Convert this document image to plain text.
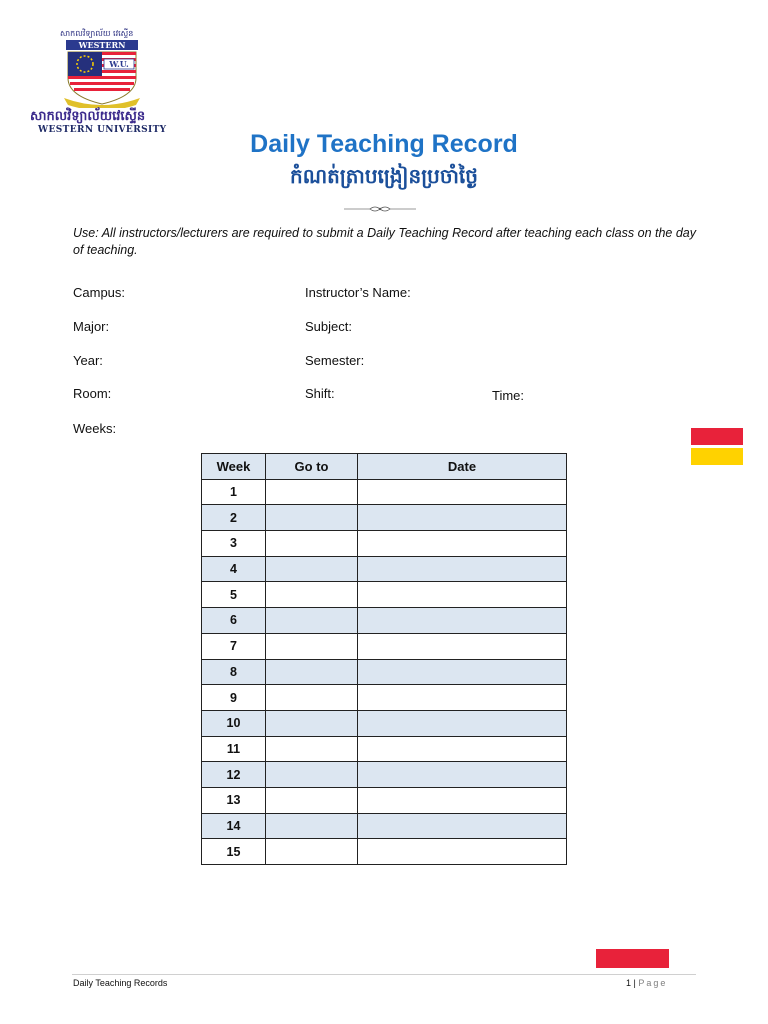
សាកលវិទ្យាល័យ វេស្ទើន
WESTERN
W.U.
សាកលវិទ្យាល័យវេស្ទើន
WESTERN UNIVERSITY	Daily Teaching Record
កំណត់ត្រាបង្រៀនប្រចាំថ្ងៃ
Use: All instructors/lecturers are required to submit a Daily Teaching Record after teaching each class on the day of teaching.
Campus:	Instructor’s Name:
Major:	Subject:
Year:	Semester:
Room:	Shift:	Time:
Weeks:
Week	Go to	Date
1		
2		
3		
4		
5		
6		
7		
8		
9		
10		
11		
12		
13		
14		
15		
Daily Teaching Records	1 | Page
